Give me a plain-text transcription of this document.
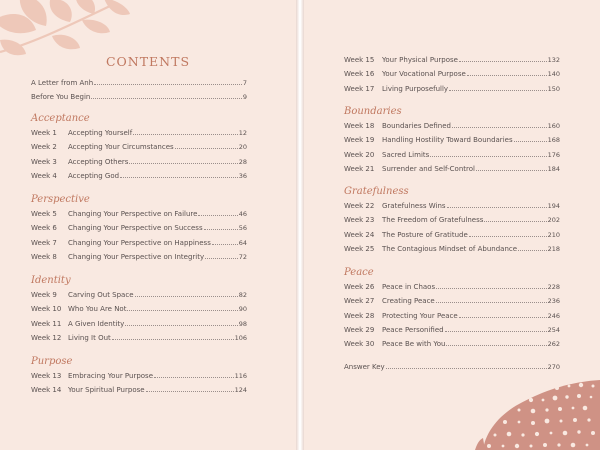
CONTENTS
A Letter from Anh	7
Before You Begin	9
Acceptance
Week 1	Accepting Yourself	12
Week 2	Accepting Your Circumstances	20
Week 3	Accepting Others	28
Week 4	Accepting God	36
Perspective
Week 5	Changing Your Perspective on Failure	46
Week 6	Changing Your Perspective on Success	56
Week 7	Changing Your Perspective on Happiness	64
Week 8	Changing Your Perspective on Integrity	72
Identity
Week 9	Carving Out Space	82
Week 10 Who You Are Not	90
Week 11 A Given Identity	98
Week 12 Living It Out	106
Purpose
Week 13 Embracing Your Purpose	116
Week 14 Your Spiritual Purpose	124
Week 15	Your Physical Purpose	132
Week 16	Your Vocational Purpose	140
Week 17	Living Purposefully	150
Boundaries
Week 18	Boundaries Defined	160
Week 19	Handling Hostility Toward Boundaries	168
Week 20	Sacred Limits	176
Week 21	Surrender and Self-Control	184
Gratefulness
Week 22	Gratefulness Wins	194
Week 23	The Freedom of Gratefulness	202
Week 24	The Posture of Gratitude	210
Week 25	The Contagious Mindset of Abundance	218
Peace
Week 26	Peace in Chaos	228
Week 27	Creating Peace	236
Week 28	Protecting Your Peace	246
Week 29	Peace Personified	254
Week 30	Peace Be with You	262
Answer Key	270
